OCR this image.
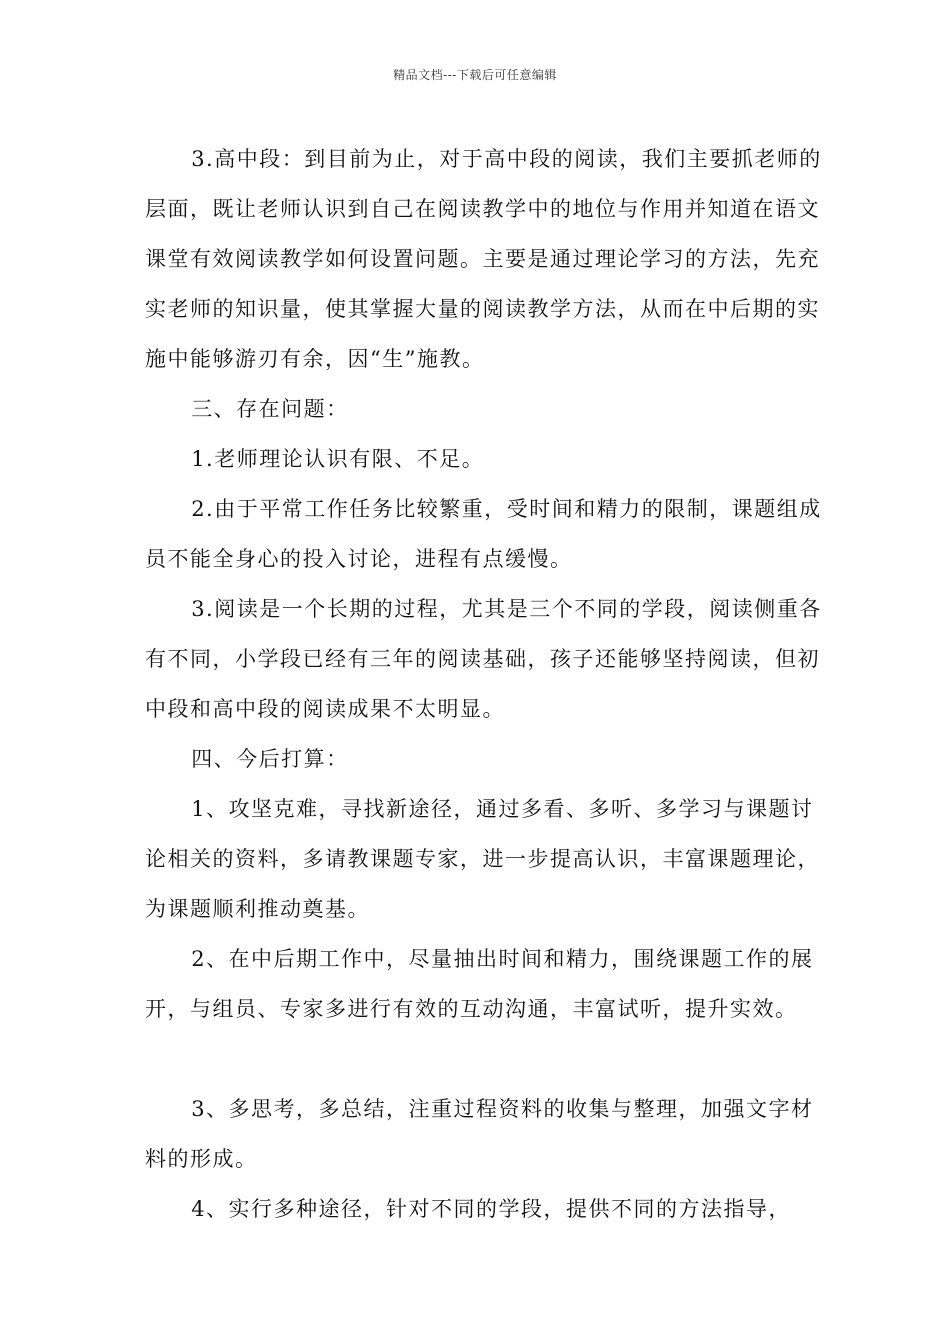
精品文档---下载后可任意编辑

3.高中段：到目前为止，对于高中段的阅读，我们主要抓老师的层面，既让老师认识到自己在阅读教学中的地位与作用并知道在语文课堂有效阅读教学如何设置问题。主要是通过理论学习的方法，先充实老师的知识量，使其掌握大量的阅读教学方法，从而在中后期的实施中能够游刃有余，因“生”施教。

三、存在问题：

1.老师理论认识有限、不足。

2.由于平常工作任务比较繁重，受时间和精力的限制，课题组成员不能全身心的投入讨论，进程有点缓慢。

3.阅读是一个长期的过程，尤其是三个不同的学段，阅读侧重各有不同，小学段已经有三年的阅读基础，孩子还能够坚持阅读，但初中段和高中段的阅读成果不太明显。

四、今后打算：

1、攻坚克难，寻找新途径，通过多看、多听、多学习与课题讨论相关的资料，多请教课题专家，进一步提高认识，丰富课题理论，为课题顺利推动奠基。

2、在中后期工作中，尽量抽出时间和精力，围绕课题工作的展开，与组员、专家多进行有效的互动沟通，丰富试听，提升实效。

3、多思考，多总结，注重过程资料的收集与整理，加强文字材料的形成。

4、实行多种途径，针对不同的学段，提供不同的方法指导，
